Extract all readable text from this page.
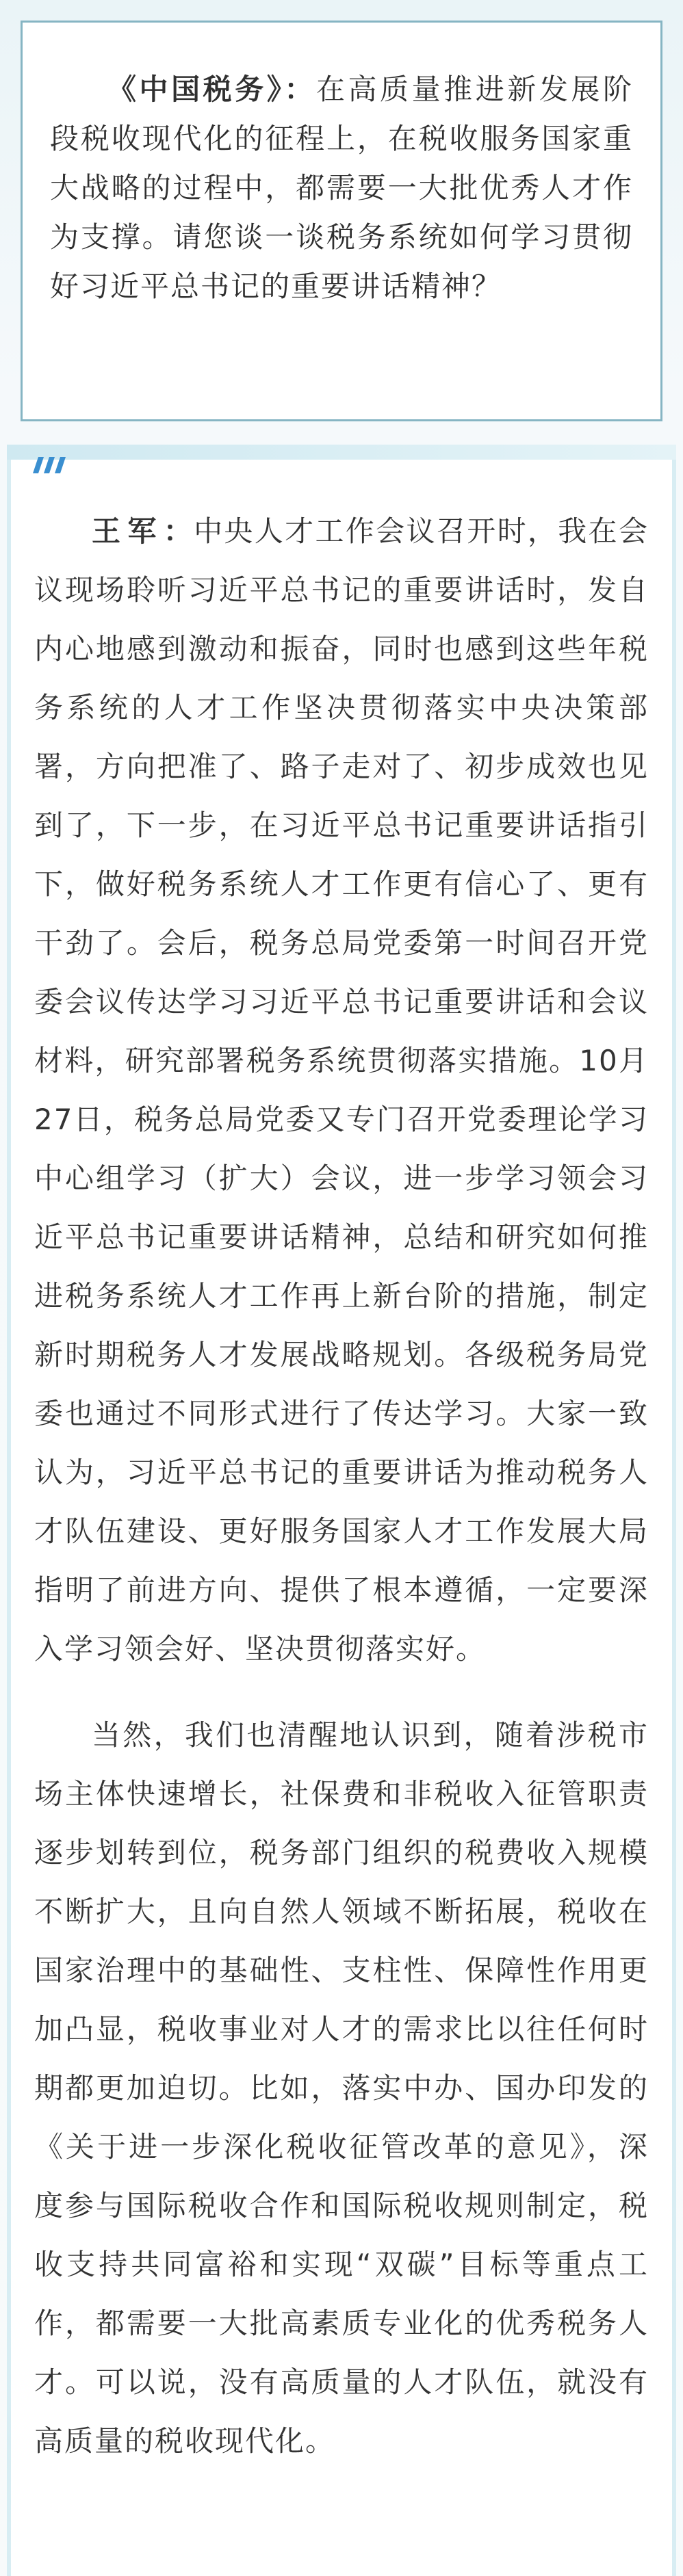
《中国税务》：在高质量推进新发展阶段税收现代化的征程上，在税收服务国家重大战略的过程中，都需要一大批优秀人才作为支撑。请您谈一谈税务系统如何学习贯彻好习近平总书记的重要讲话精神？

王军：中央人才工作会议召开时，我在会议现场聆听习近平总书记的重要讲话时，发自内心地感到激动和振奋，同时也感到这些年税务系统的人才工作坚决贯彻落实中央决策部署，方向把准了、路子走对了、初步成效也见到了，下一步，在习近平总书记重要讲话指引下，做好税务系统人才工作更有信心了、更有干劲了。会后，税务总局党委第一时间召开党委会议传达学习习近平总书记重要讲话和会议材料，研究部署税务系统贯彻落实措施。10月27日，税务总局党委又专门召开党委理论学习中心组学习（扩大）会议，进一步学习领会习近平总书记重要讲话精神，总结和研究如何推进税务系统人才工作再上新台阶的措施，制定新时期税务人才发展战略规划。各级税务局党委也通过不同形式进行了传达学习。大家一致认为，习近平总书记的重要讲话为推动税务人才队伍建设、更好服务国家人才工作发展大局指明了前进方向、提供了根本遵循，一定要深入学习领会好、坚决贯彻落实好。

当然，我们也清醒地认识到，随着涉税市场主体快速增长，社保费和非税收入征管职责逐步划转到位，税务部门组织的税费收入规模不断扩大，且向自然人领域不断拓展，税收在国家治理中的基础性、支柱性、保障性作用更加凸显，税收事业对人才的需求比以往任何时期都更加迫切。比如，落实中办、国办印发的《关于进一步深化税收征管改革的意见》，深度参与国际税收合作和国际税收规则制定，税收支持共同富裕和实现“双碳”目标等重点工作，都需要一大批高素质专业化的优秀税务人才。可以说，没有高质量的人才队伍，就没有高质量的税收现代化。
